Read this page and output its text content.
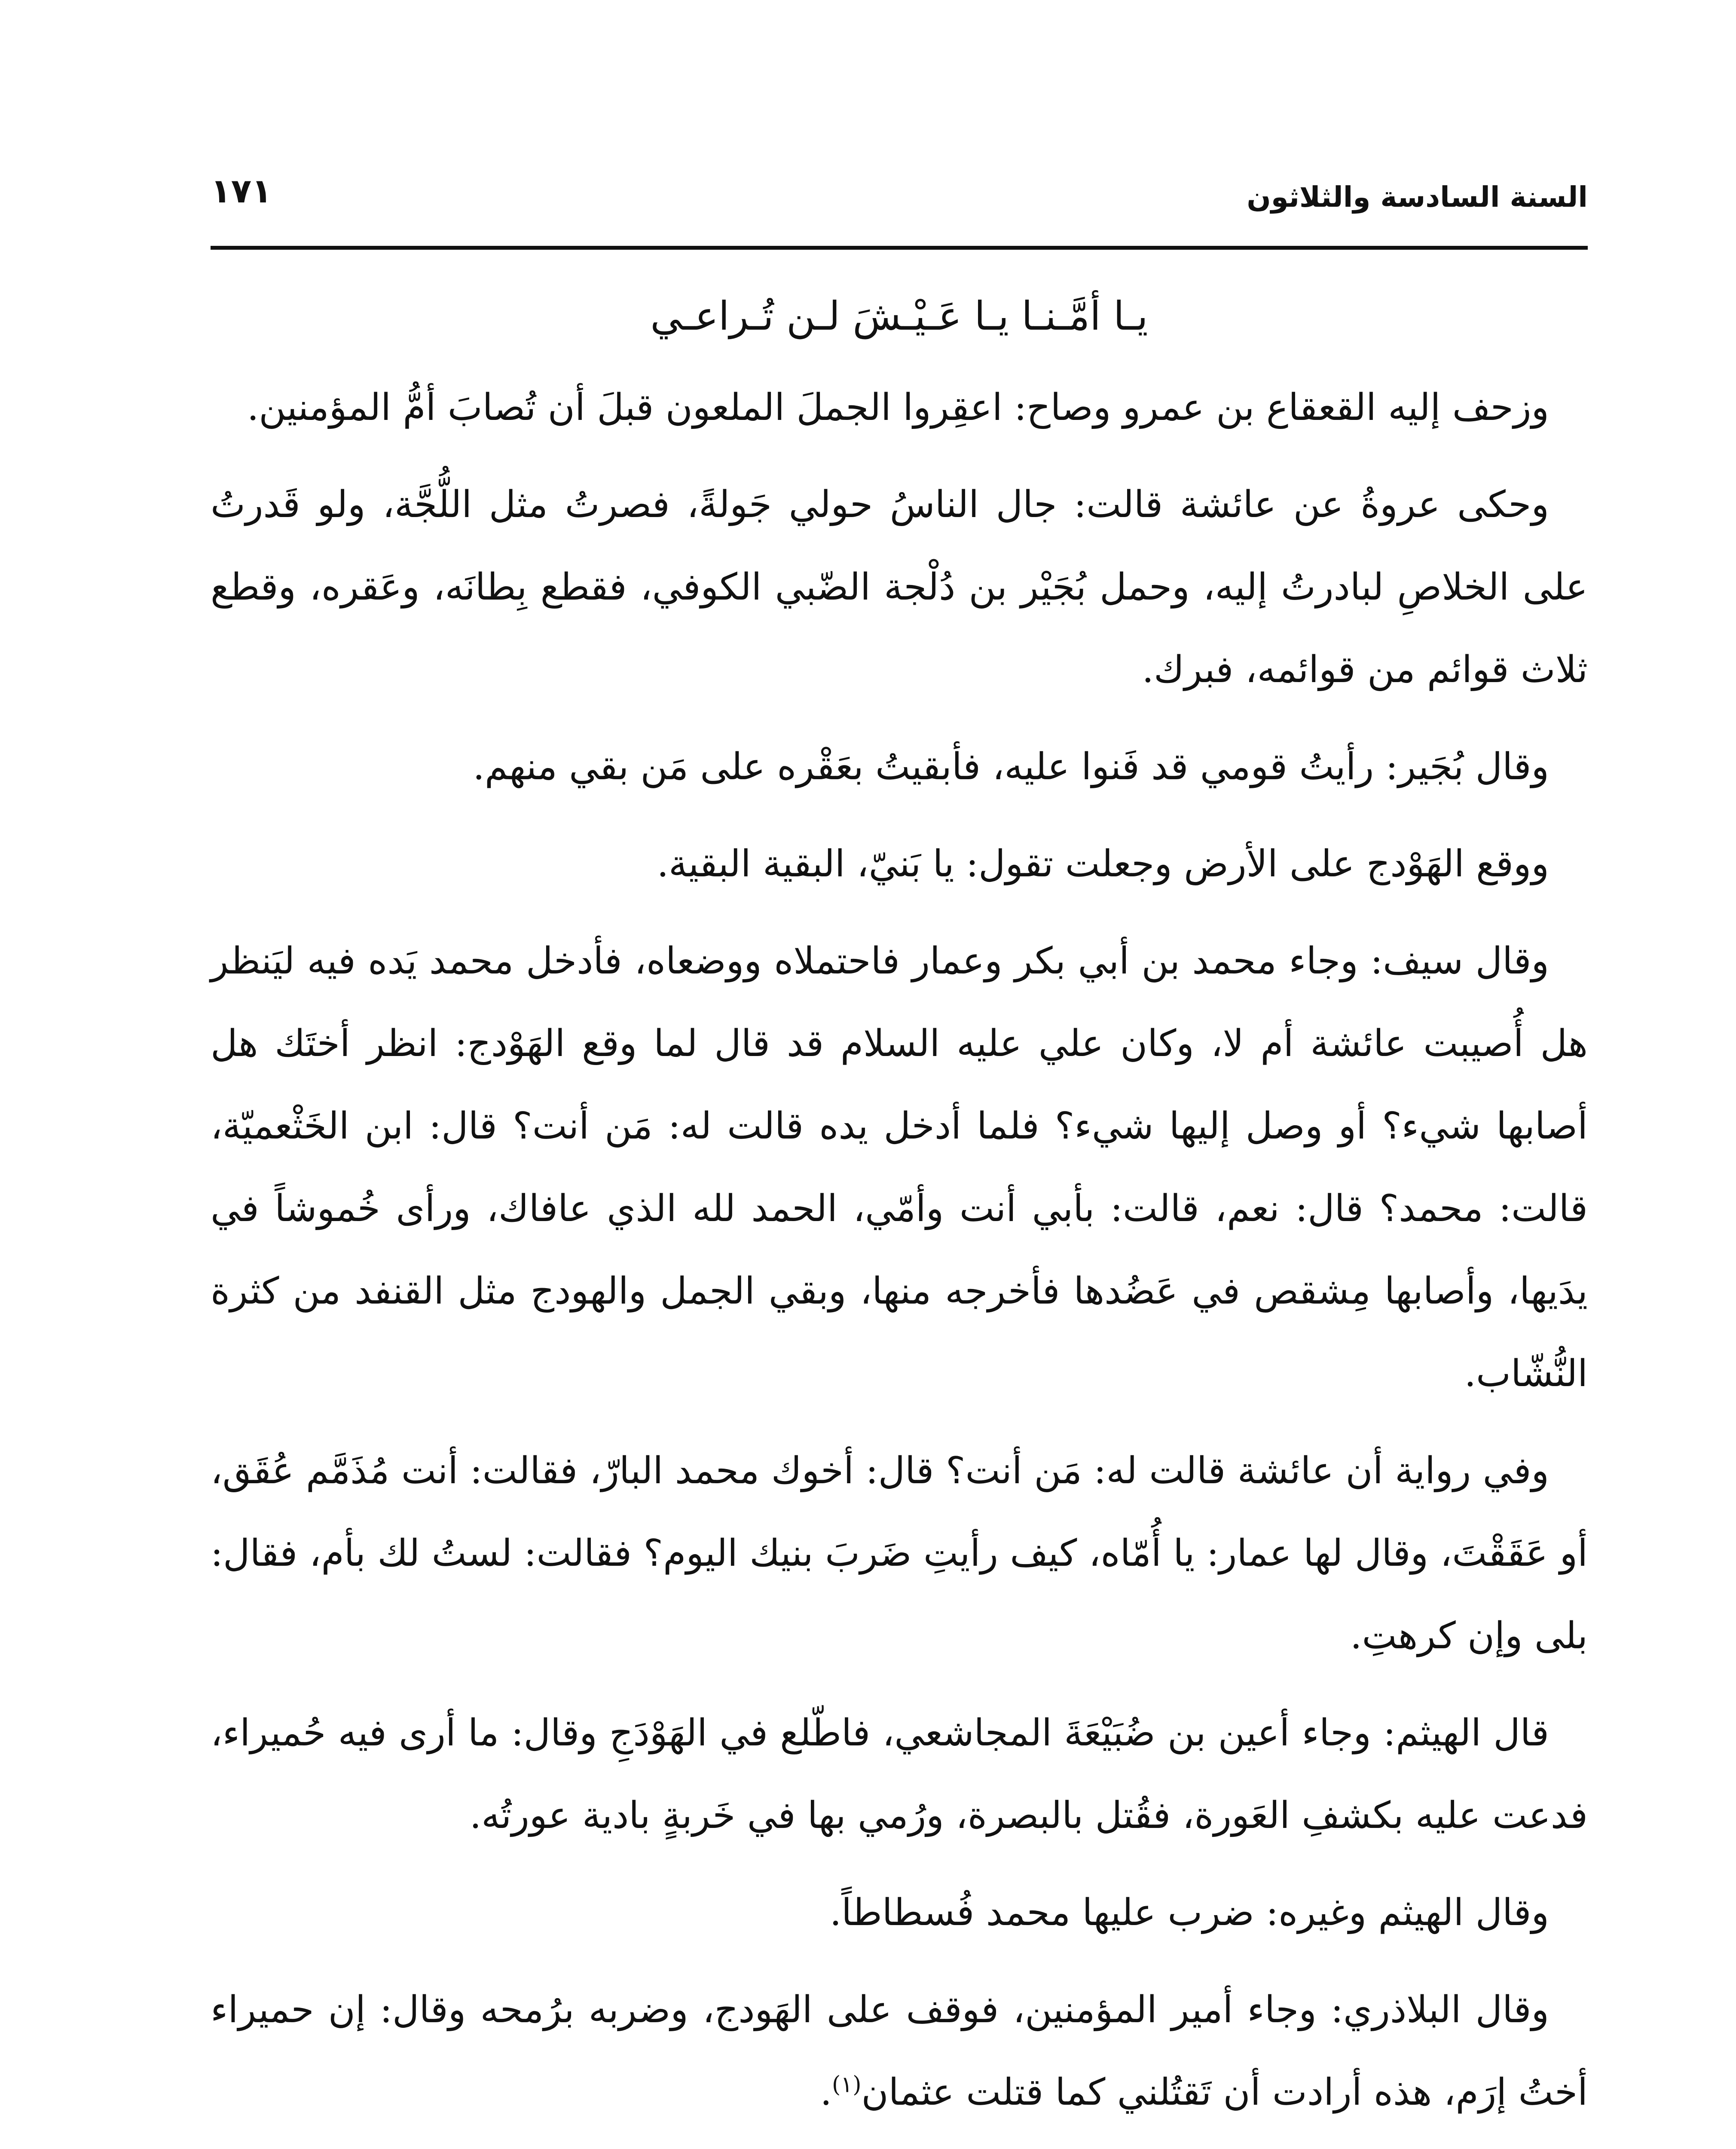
السنة السادسة والثلاثون
١٧١

يـا أمَّـنـا يـا عَـيْـشَ لـن تُـراعـي

وزحف إليه القعقاع بن عمرو وصاح: اعقِروا الجملَ الملعون قبلَ أن تُصابَ أمُّ المؤمنين.

وحكى عروةُ عن عائشة قالت: جال الناسُ حولي جَولةً، فصرتُ مثل اللُّجَّة، ولو قَدرتُ على الخلاصِ لبادرتُ إليه، وحمل بُجَيْر بن دُلْجة الضّبي الكوفي، فقطع بِطانَه، وعَقره، وقطع ثلاث قوائم من قوائمه، فبرك.

وقال بُجَير: رأيتُ قومي قد فَنوا عليه، فأبقيتُ بعَقْره على مَن بقي منهم.

ووقع الهَوْدج على الأرض وجعلت تقول: يا بَنيّ، البقية البقية.

وقال سيف: وجاء محمد بن أبي بكر وعمار فاحتملاه ووضعاه، فأدخل محمد يَده فيه ليَنظر هل أُصيبت عائشة أم لا، وكان علي عليه السلام قد قال لما وقع الهَوْدج: انظر أختَك هل أصابها شيء؟ أو وصل إليها شيء؟ فلما أدخل يده قالت له: مَن أنت؟ قال: ابن الخَثْعميّة، قالت: محمد؟ قال: نعم، قالت: بأبي أنت وأمّي، الحمد لله الذي عافاك، ورأى خُموشاً في يدَيها، وأصابها مِشقص في عَضُدها فأخرجه منها، وبقي الجمل والهودج مثل القنفد من كثرة النُّشّاب.

وفي رواية أن عائشة قالت له: مَن أنت؟ قال: أخوك محمد البارّ، فقالت: أنت مُذَمَّم عُقَق، أو عَقَقْتَ، وقال لها عمار: يا أُمّاه، كيف رأيتِ ضَربَ بنيك اليوم؟ فقالت: لستُ لك بأم، فقال: بلى وإن كرهتِ.

قال الهيثم: وجاء أعين بن ضُبَيْعَةَ المجاشعي، فاطّلع في الهَوْدَجِ وقال: ما أرى فيه حُميراء، فدعت عليه بكشفِ العَورة، فقُتل بالبصرة، ورُمي بها في خَربةٍ بادية عورتُه.

وقال الهيثم وغيره: ضرب عليها محمد فُسطاطاً.

وقال البلاذري: وجاء أمير المؤمنين، فوقف على الهَودج، وضربه برُمحه وقال: إن حميراء أختُ إرَم، هذه أرادت أن تَقتُلني كما قتلت عثمان$^{(١)}$.
